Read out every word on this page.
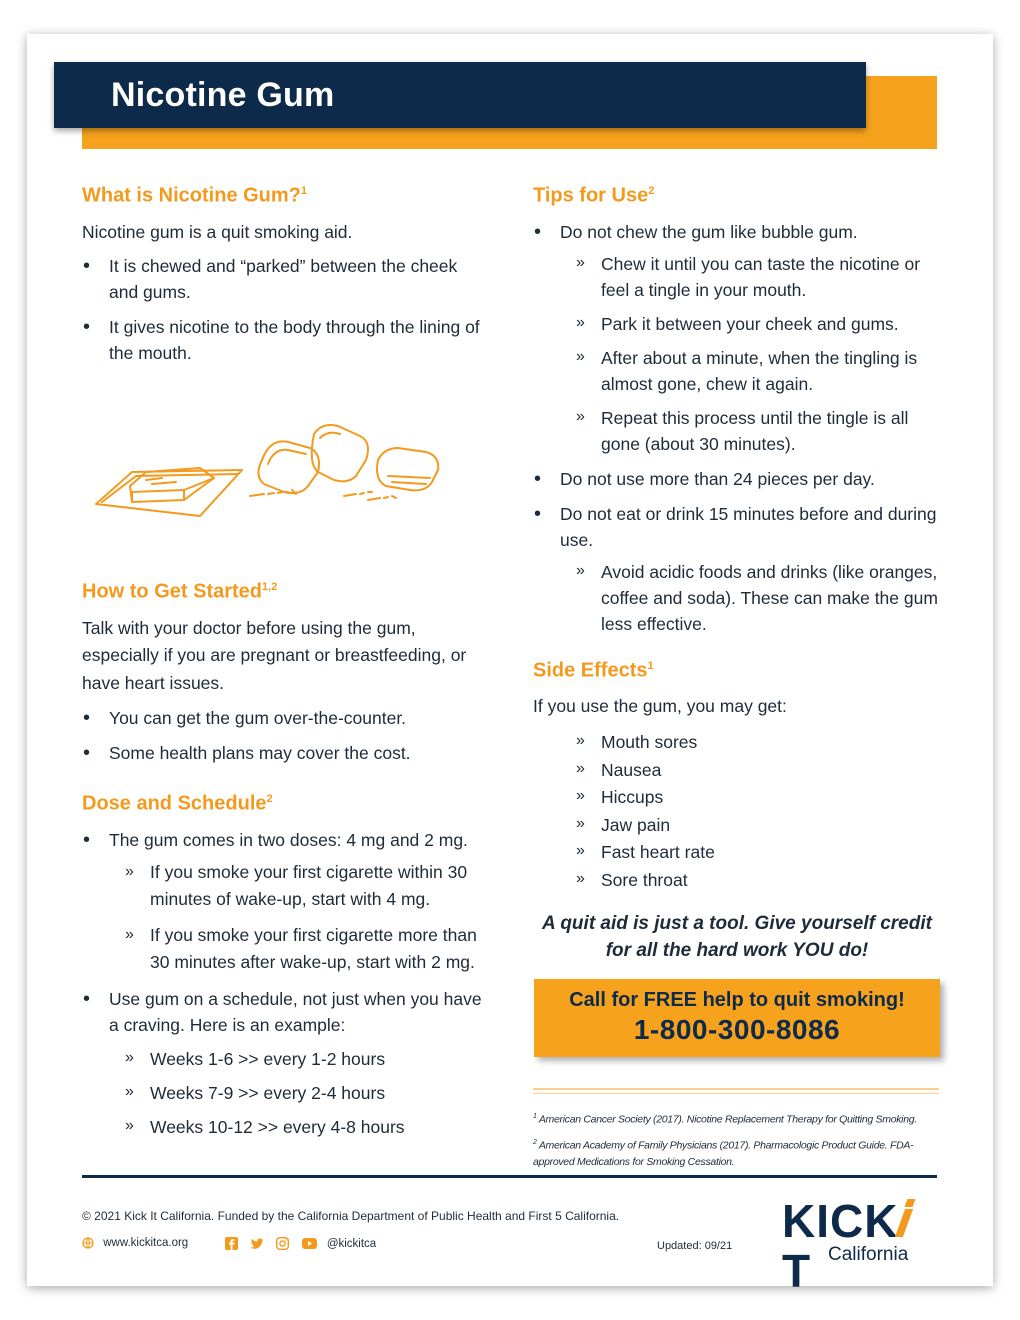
Nicotine Gum
What is Nicotine Gum?$^1$

Nicotine gum is a quit smoking aid.

• It is chewed and “parked” between the cheek and gums.
• It gives nicotine to the body through the lining of the mouth.
How to Get Started$^{1,2}$

Talk with your doctor before using the gum, especially if you are pregnant or breastfeeding, or have heart issues.

• You can get the gum over-the-counter.
• Some health plans may cover the cost.
Dose and Schedule$^2$
• The gum comes in two doses: 4 mg and 2 mg.
» If you smoke your first cigarette within 30 minutes of wake-up, start with 4 mg.
» If you smoke your first cigarette more than 30 minutes after wake-up, start with 2 mg.
• Use gum on a schedule, not just when you have a craving. Here is an example:
» Weeks 1-6 >> every 1-2 hours
» Weeks 7-9 >> every 2-4 hours
» Weeks 10-12 >> every 4-8 hours
Tips for Use$^2$
• Do not chew the gum like bubble gum.
» Chew it until you can taste the nicotine or feel a tingle in your mouth.
» Park it between your cheek and gums.
» After about a minute, when the tingling is almost gone, chew it again.
» Repeat this process until the tingle is all gone (about 30 minutes).
• Do not use more than 24 pieces per day.
• Do not eat or drink 15 minutes before and during use.
» Avoid acidic foods and drinks (like oranges, coffee and soda). These can make the gum less effective.
Side Effects$^1$

If you use the gum, you may get:

» Mouth sores
» Nausea
» Hiccups
» Jaw pain
» Fast heart rate
» Sore throat
A quit aid is just a tool. Give yourself credit for all the hard work YOU do!
Call for FREE help to quit smoking!
1-800-300-8086
$^1$ American Cancer Society (2017). Nicotine Replacement Therapy for Quitting Smoking.
$^2$ American Academy of Family Physicians (2017). Pharmacologic Product Guide. FDA-approved Medications for Smoking Cessation.
© 2021 Kick It California. Funded by the California Department of Public Health and First 5 California.
www.kickitca.org	@kickitca	Updated: 09/21 KICK
T California
